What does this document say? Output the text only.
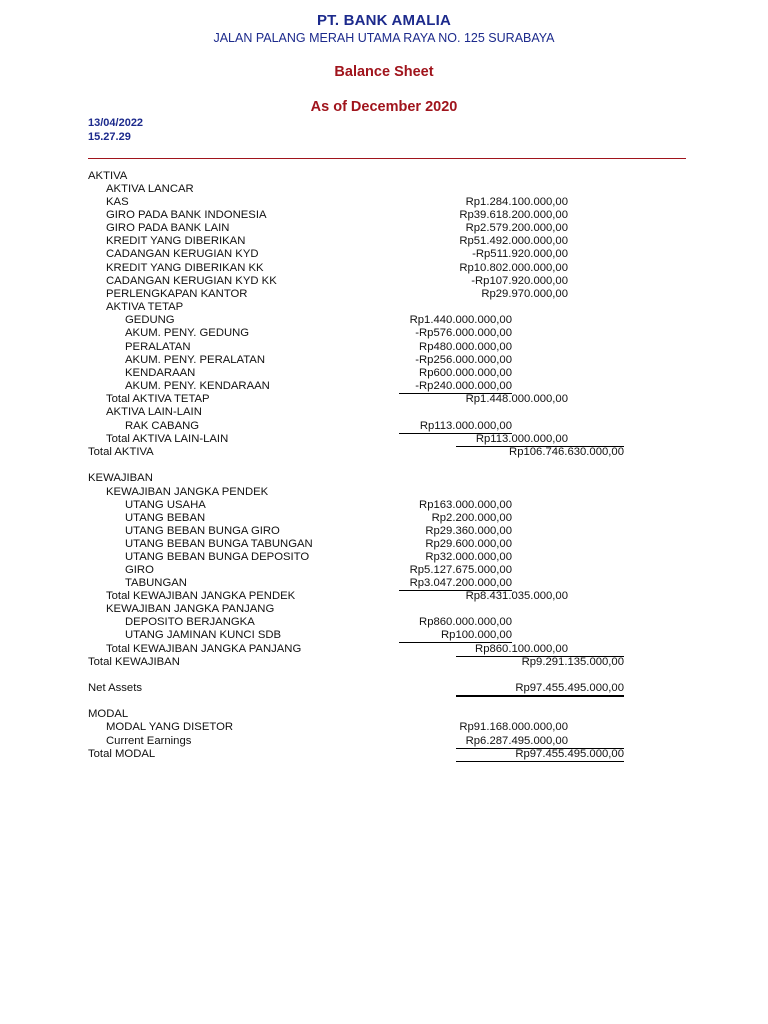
PT. BANK AMALIA
JALAN PALANG MERAH UTAMA RAYA NO. 125 SURABAYA
Balance Sheet
As of December 2020
13/04/2022
15.27.29
AKTIVA
AKTIVA LANCAR
KAS	Rp1.284.100.000,00
GIRO PADA BANK INDONESIA	Rp39.618.200.000,00
GIRO PADA BANK LAIN	Rp2.579.200.000,00
KREDIT YANG DIBERIKAN	Rp51.492.000.000,00
CADANGAN KERUGIAN KYD	-Rp511.920.000,00
KREDIT YANG DIBERIKAN KK	Rp10.802.000.000,00
CADANGAN KERUGIAN KYD KK	-Rp107.920.000,00
PERLENGKAPAN KANTOR	Rp29.970.000,00
AKTIVA TETAP
GEDUNG	Rp1.440.000.000,00
AKUM. PENY. GEDUNG	-Rp576.000.000,00
PERALATAN	Rp480.000.000,00
AKUM. PENY. PERALATAN	-Rp256.000.000,00
KENDARAAN	Rp600.000.000,00
AKUM. PENY. KENDARAAN	-Rp240.000.000,00
Total AKTIVA TETAP	Rp1.448.000.000,00
AKTIVA LAIN-LAIN
RAK CABANG	Rp113.000.000,00
Total AKTIVA LAIN-LAIN	Rp113.000.000,00
Total AKTIVA	Rp106.746.630.000,00
KEWAJIBAN
KEWAJIBAN JANGKA PENDEK
UTANG USAHA	Rp163.000.000,00
UTANG BEBAN	Rp2.200.000,00
UTANG BEBAN BUNGA GIRO	Rp29.360.000,00
UTANG BEBAN BUNGA TABUNGAN	Rp29.600.000,00
UTANG BEBAN BUNGA DEPOSITO	Rp32.000.000,00
GIRO	Rp5.127.675.000,00
TABUNGAN	Rp3.047.200.000,00
Total KEWAJIBAN JANGKA PENDEK	Rp8.431.035.000,00
KEWAJIBAN JANGKA PANJANG
DEPOSITO BERJANGKA	Rp860.000.000,00
UTANG JAMINAN KUNCI SDB	Rp100.000,00
Total KEWAJIBAN JANGKA PANJANG	Rp860.100.000,00
Total KEWAJIBAN	Rp9.291.135.000,00
Net Assets	Rp97.455.495.000,00
MODAL
MODAL YANG DISETOR	Rp91.168.000.000,00
Current Earnings	Rp6.287.495.000,00
Total MODAL	Rp97.455.495.000,00
